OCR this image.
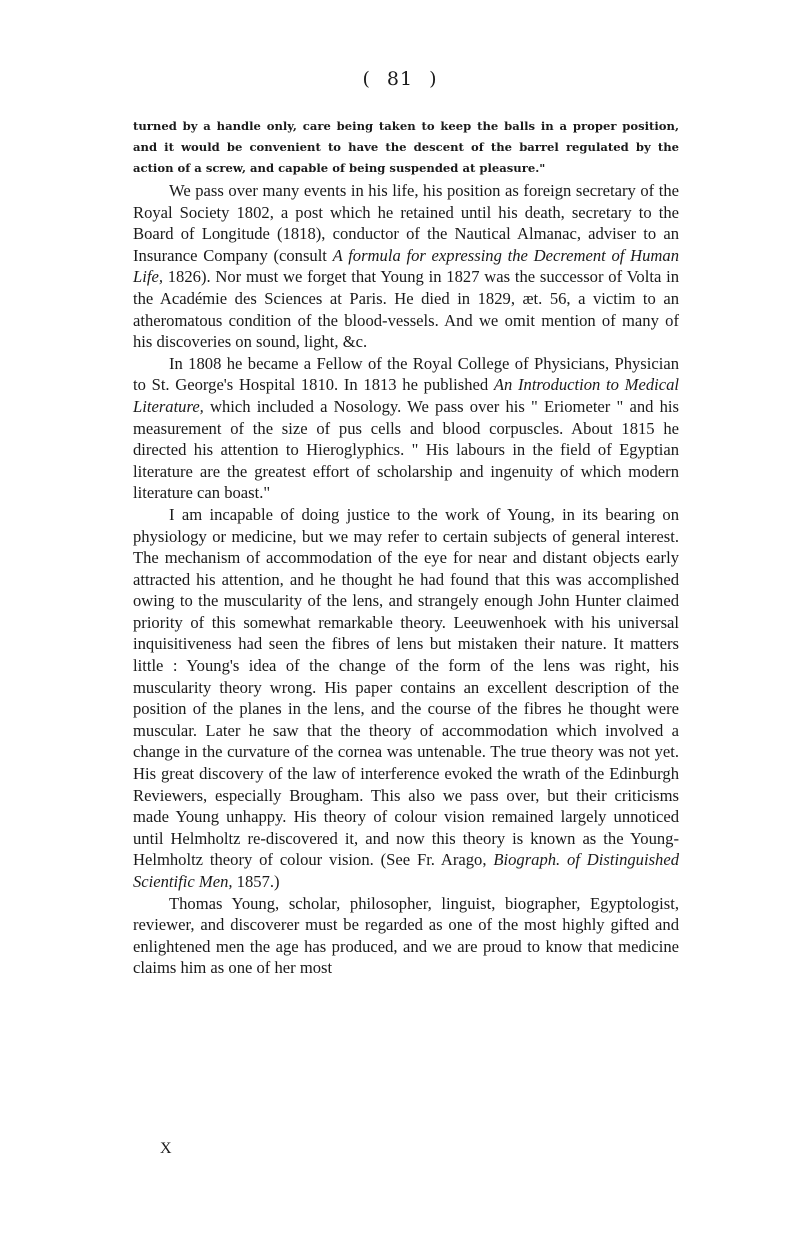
( 81 )
turned by a handle only, care being taken to keep the balls in a proper position, and it would be convenient to have the descent of the barrel regulated by the action of a screw, and capable of being suspended at pleasure."

We pass over many events in his life, his position as foreign secretary of the Royal Society 1802, a post which he retained until his death, secretary to the Board of Longitude (1818), conductor of the Nautical Almanac, adviser to an Insurance Company (consult A formula for expressing the Decrement of Human Life, 1826). Nor must we forget that Young in 1827 was the successor of Volta in the Académie des Sciences at Paris. He died in 1829, æt. 56, a victim to an atheromatous condition of the blood-vessels. And we omit mention of many of his discoveries on sound, light, &c.

In 1808 he became a Fellow of the Royal College of Physicians, Physician to St. George's Hospital 1810. In 1813 he published An Introduction to Medical Literature, which included a Nosology. We pass over his " Eriometer " and his measurement of the size of pus cells and blood corpuscles. About 1815 he directed his attention to Hieroglyphics. " His labours in the field of Egyptian literature are the greatest effort of scholarship and ingenuity of which modern literature can boast."

I am incapable of doing justice to the work of Young, in its bearing on physiology or medicine, but we may refer to certain subjects of general interest. The mechanism of accommodation of the eye for near and distant objects early attracted his attention, and he thought he had found that this was accomplished owing to the muscularity of the lens, and strangely enough John Hunter claimed priority of this somewhat remarkable theory. Leeuwenhoek with his universal inquisitiveness had seen the fibres of lens but mistaken their nature. It matters little : Young's idea of the change of the form of the lens was right, his muscularity theory wrong. His paper contains an excellent description of the position of the planes in the lens, and the course of the fibres he thought were muscular. Later he saw that the theory of accommodation which involved a change in the curvature of the cornea was untenable. The true theory was not yet. His great discovery of the law of interference evoked the wrath of the Edinburgh Reviewers, especially Brougham. This also we pass over, but their criticisms made Young unhappy. His theory of colour vision remained largely unnoticed until Helmholtz re-discovered it, and now this theory is known as the Young-Helmholtz theory of colour vision. (See Fr. Arago, Biograph. of Distinguished Scientific Men, 1857.)

Thomas Young, scholar, philosopher, linguist, biographer, Egyptologist, reviewer, and discoverer must be regarded as one of the most highly gifted and enlightened men the age has produced, and we are proud to know that medicine claims him as one of her most

X
